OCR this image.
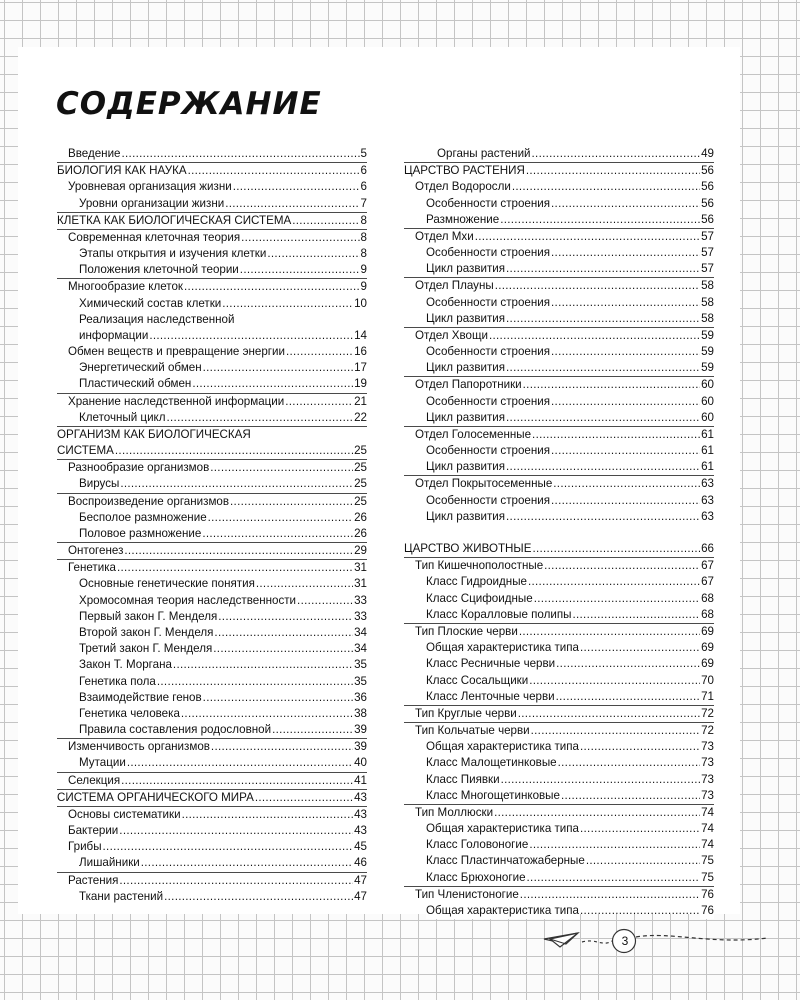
СОДЕРЖАНИЕ
Введение .....	5
БИОЛОГИЯ КАК НАУКА .....	6
Уровневая организация жизни .....	6
Уровни организации жизни .....	7
КЛЕТКА КАК БИОЛОГИЧЕСКАЯ СИСТЕМА .....	8
Современная клеточная теория .....	8
Этапы открытия и изучения клетки .....	8
Положения клеточной теории .....	9
Многообразие клеток .....	9
Химический состав клетки .....	10
Реализация наследственной
информации .....	14
Обмен веществ и превращение энергии .....	16
Энергетический обмен .....	17
Пластический обмен .....	19
Хранение наследственной информации .....	21
Клеточный цикл .....	22
ОРГАНИЗМ КАК БИОЛОГИЧЕСКАЯ
СИСТЕМА .....	25
Разнообразие организмов .....	25
Вирусы .....	25
Воспроизведение организмов .....	25
Бесполое размножение .....	26
Половое размножение .....	26
Онтогенез .....	29
Генетика .....	31
Основные генетические понятия .....	31
Хромосомная теория наследственности .....	33
Первый закон Г. Менделя .....	33
Второй закон Г. Менделя .....	34
Третий закон Г. Менделя .....	34
Закон Т. Моргана .....	35
Генетика пола .....	35
Взаимодействие генов .....	36
Генетика человека .....	38
Правила составления родословной .....	39
Изменчивость организмов .....	39
Мутации .....	40
Селекция .....	41
СИСТЕМА ОРГАНИЧЕСКОГО МИРА .....	43
Основы систематики .....	43
Бактерии .....	43
Грибы .....	45
Лишайники .....	46
Растения .....	47
Ткани растений .....	47
Органы растений .....	49
ЦАРСТВО РАСТЕНИЯ .....	56
Отдел Водоросли .....	56
Особенности строения .....	56
Размножение .....	56
Отдел Мхи .....	57
Особенности строения .....	57
Цикл развития .....	57
Отдел Плауны .....	58
Особенности строения .....	58
Цикл развития .....	58
Отдел Хвощи .....	59
Особенности строения .....	59
Цикл развития .....	59
Отдел Папоротники .....	60
Особенности строения .....	60
Цикл развития .....	60
Отдел Голосеменные .....	61
Особенности строения .....	61
Цикл развития .....	61
Отдел Покрытосеменные .....	63
Особенности строения .....	63
Цикл развития .....	63
ЦАРСТВО ЖИВОТНЫЕ .....	66
Тип Кишечнополостные .....	67
Класс Гидроидные .....	67
Класс Сцифоидные .....	68
Класс Коралловые полипы .....	68
Тип Плоские черви .....	69
Общая характеристика типа .....	69
Класс Ресничные черви .....	69
Класс Сосальщики .....	70
Класс Ленточные черви .....	71
Тип Круглые черви .....	72
Тип Кольчатые черви .....	72
Общая характеристика типа .....	73
Класс Малощетинковые .....	73
Класс Пиявки .....	73
Класс Многощетинковые .....	73
Тип Моллюски .....	74
Общая характеристика типа .....	74
Класс Головоногие .....	74
Класс Пластинчатожаберные .....	75
Класс Брюхоногие .....	75
Тип Членистоногие .....	76
Общая характеристика типа .....	76
3
